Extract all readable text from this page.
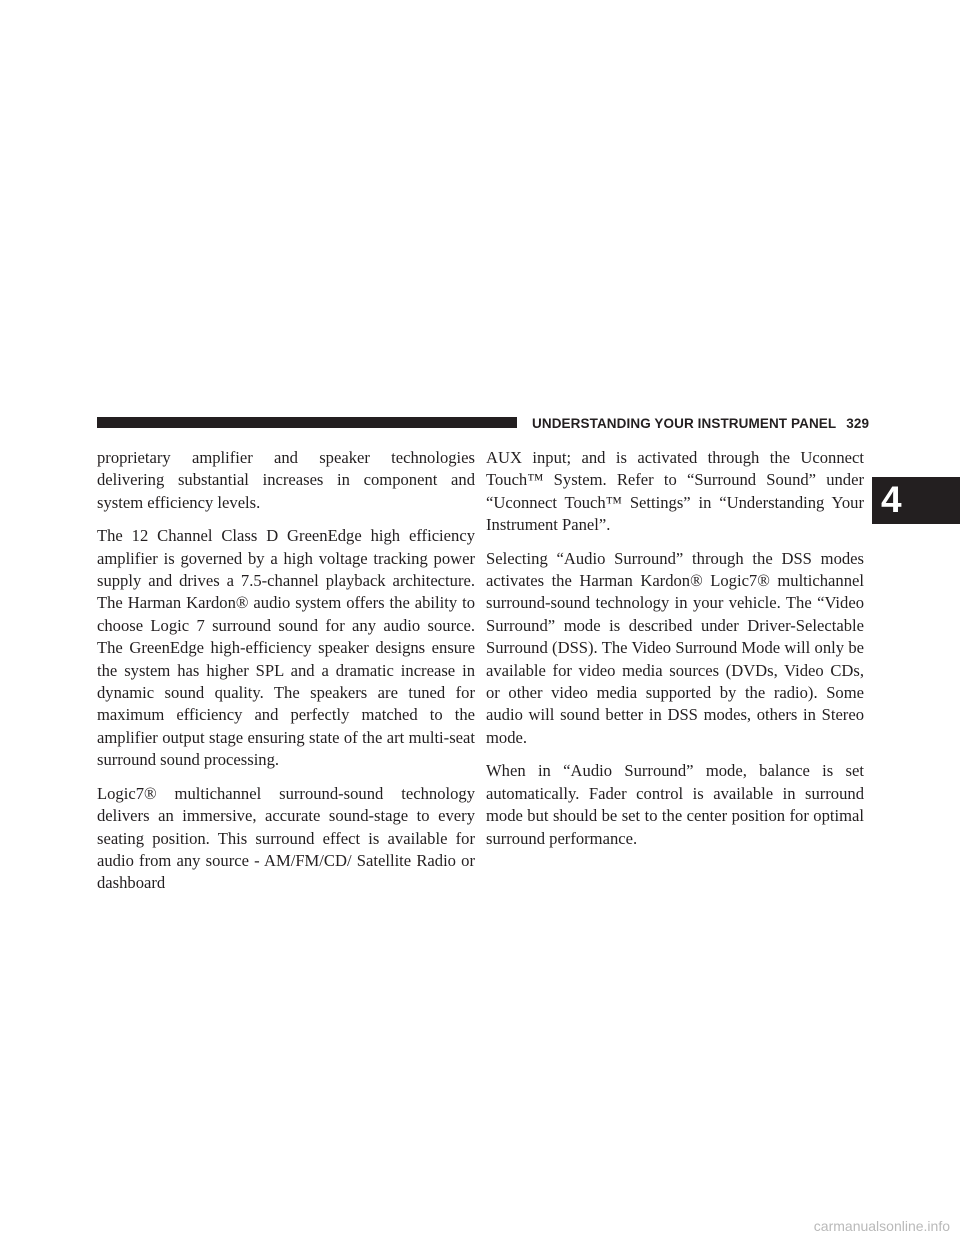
UNDERSTANDING YOUR INSTRUMENT PANEL 329

proprietary amplifier and speaker technologies delivering substantial increases in component and system efficiency levels.

The 12 Channel Class D GreenEdge high efficiency amplifier is governed by a high voltage tracking power supply and drives a 7.5-channel playback architecture. The Harman Kardon® audio system offers the ability to choose Logic 7 surround sound for any audio source. The GreenEdge high-efficiency speaker designs ensure the system has higher SPL and a dramatic increase in dynamic sound quality. The speakers are tuned for maximum efficiency and perfectly matched to the amplifier output stage ensuring state of the art multi-seat surround sound processing.

Logic7® multichannel surround-sound technology delivers an immersive, accurate sound-stage to every seating position. This surround effect is available for audio from any source - AM/FM/CD/ Satellite Radio or dashboard

AUX input; and is activated through the Uconnect Touch™ System. Refer to “Surround Sound” under “Uconnect Touch™ Settings” in “Understanding Your Instrument Panel”.

Selecting “Audio Surround” through the DSS modes activates the Harman Kardon® Logic7® multichannel surround-sound technology in your vehicle. The “Video Surround” mode is described under Driver-Selectable Surround (DSS). The Video Surround Mode will only be available for video media sources (DVDs, Video CDs, or other video media supported by the radio). Some audio will sound better in DSS modes, others in Stereo mode.

When in “Audio Surround” mode, balance is set automatically. Fader control is available in surround mode but should be set to the center position for optimal surround performance.

4
carmanualsonline.info
